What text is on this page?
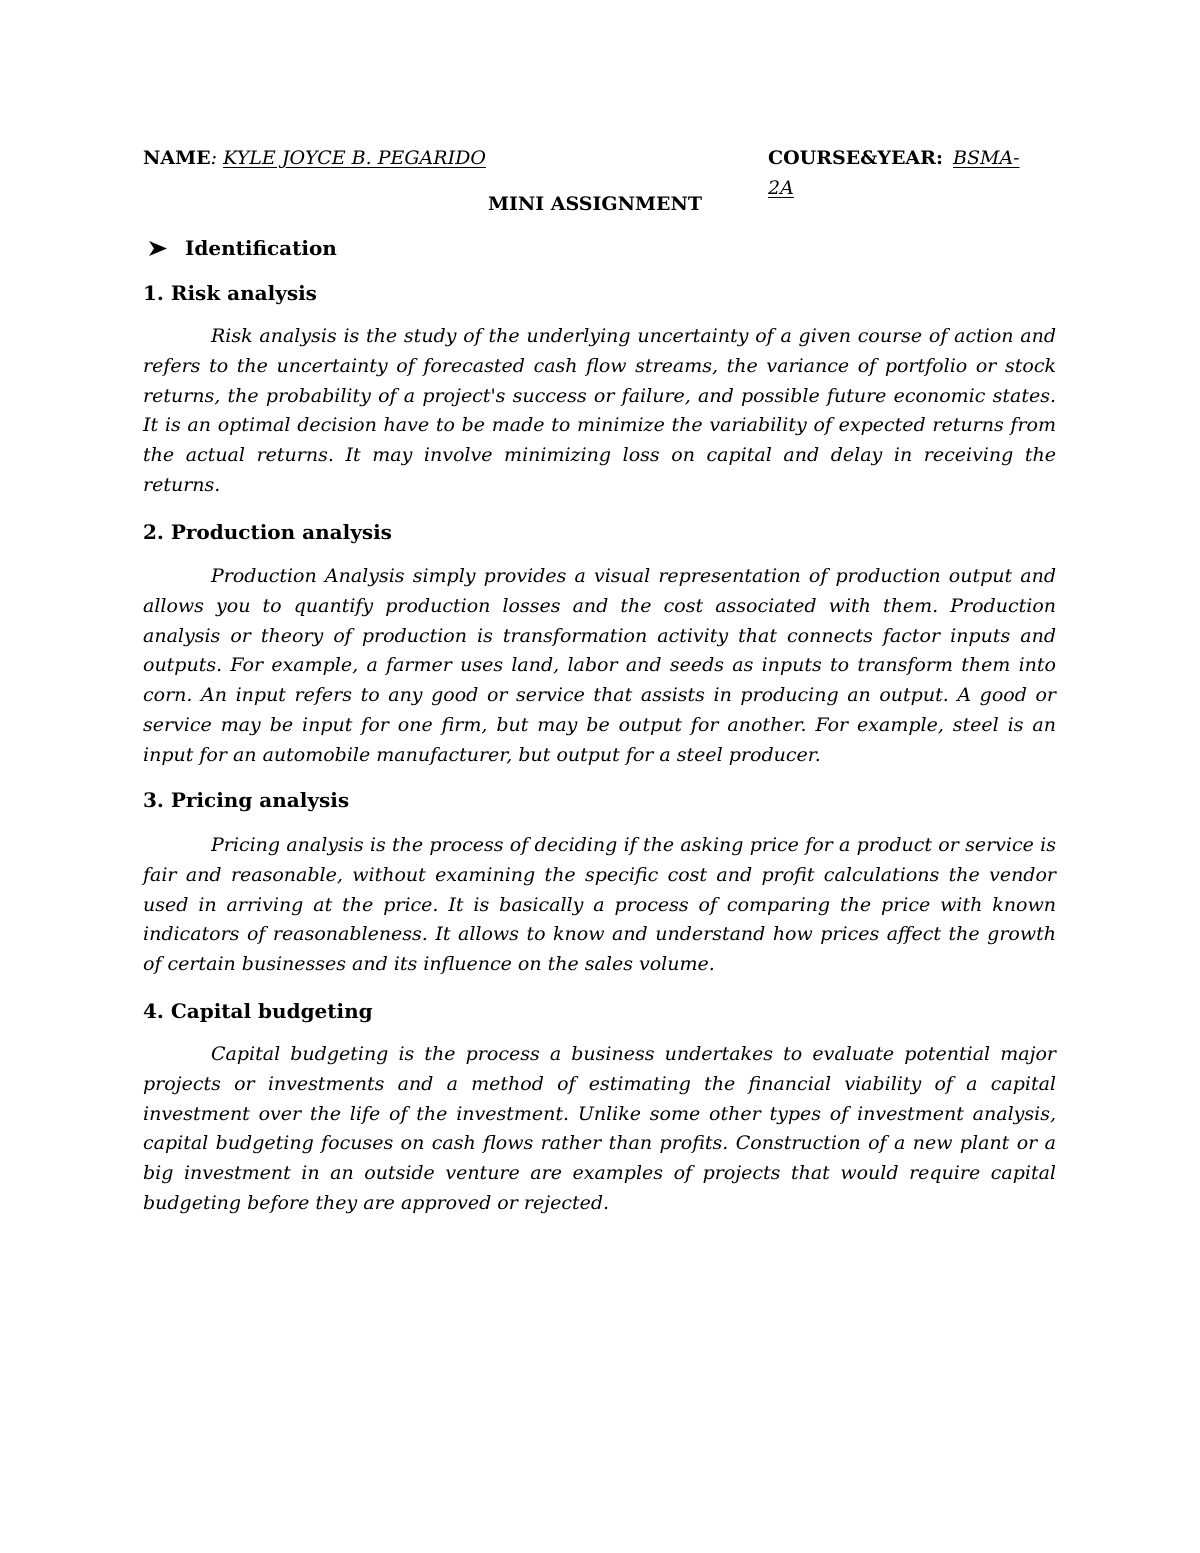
NAME: KYLE JOYCE B. PEGARIDO	COURSE&YEAR: BSMA-2A
MINI ASSIGNMENT
Identification
1. Risk analysis

Risk analysis is the study of the underlying uncertainty of a given course of action and refers to the uncertainty of forecasted cash flow streams, the variance of portfolio or stock returns, the probability of a project's success or failure, and possible future economic states. It is an optimal decision have to be made to minimize the variability of expected returns from the actual returns. It may involve minimizing loss on capital and delay in receiving the returns.

2. Production analysis

Production Analysis simply provides a visual representation of production output and allows you to quantify production losses and the cost associated with them. Production analysis or theory of production is transformation activity that connects factor inputs and outputs. For example, a farmer uses land, labor and seeds as inputs to transform them into corn. An input refers to any good or service that assists in producing an output. A good or service may be input for one firm, but may be output for another. For example, steel is an input for an automobile manufacturer, but output for a steel producer.

3. Pricing analysis

Pricing analysis is the process of deciding if the asking price for a product or service is fair and reasonable, without examining the specific cost and profit calculations the vendor used in arriving at the price. It is basically a process of comparing the price with known indicators of reasonableness. It allows to know and understand how prices affect the growth of certain businesses and its influence on the sales volume.

4. Capital budgeting

Capital budgeting is the process a business undertakes to evaluate potential major projects or investments and a method of estimating the financial viability of a capital investment over the life of the investment. Unlike some other types of investment analysis, capital budgeting focuses on cash flows rather than profits. Construction of a new plant or a big investment in an outside venture are examples of projects that would require capital budgeting before they are approved or rejected.
